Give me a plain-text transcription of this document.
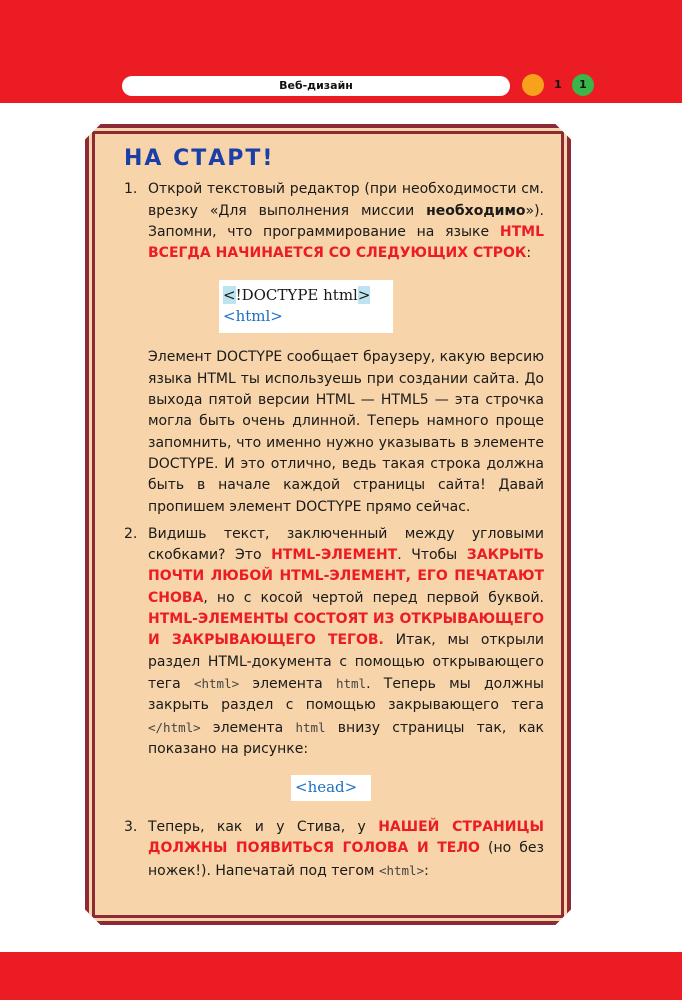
Веб-дизайн	1	1
НА СТАРТ!
1. Открой текстовый редактор (при необходимости см. врезку «Для выполнения миссии необходимо»). Запомни, что программирование на языке HTML ВСЕГДА НАЧИНАЕТСЯ СО СЛЕДУЮЩИХ СТРОК:
<!DOCTYPE html>
<html>
Элемент DOCTYPE сообщает браузеру, какую версию языка HTML ты используешь при создании сайта. До выхода пятой версии HTML — HTML5 — эта строчка могла быть очень длинной. Теперь намного проще запомнить, что именно нужно указывать в элементе DOCTYPE. И это отлично, ведь такая строка должна быть в начале каждой страницы сайта! Давай пропишем элемент DOCTYPE прямо сейчас.
2. Видишь текст, заключенный между угловыми скобками? Это HTML-ЭЛЕМЕНТ. Чтобы ЗАКРЫТЬ ПОЧТИ ЛЮБОЙ HTML-ЭЛЕМЕНТ, ЕГО ПЕЧАТАЮТ СНОВА, но с косой чертой перед первой буквой. HTML-ЭЛЕМЕНТЫ СОСТОЯТ ИЗ ОТКРЫВАЮЩЕГО И ЗАКРЫВАЮЩЕГО ТЕГОВ. Итак, мы открыли раздел HTML-документа с помощью открывающего тега <html> элемента html. Теперь мы должны закрыть раздел с помощью закрывающего тега </html> элемента html внизу страницы так, как показано на рисунке:
<head>
3. Теперь, как и у Стива, у НАШЕЙ СТРАНИЦЫ ДОЛЖНЫ ПОЯВИТЬСЯ ГОЛОВА И ТЕЛО (но без ножек!). Напечатай под тегом <html>:
